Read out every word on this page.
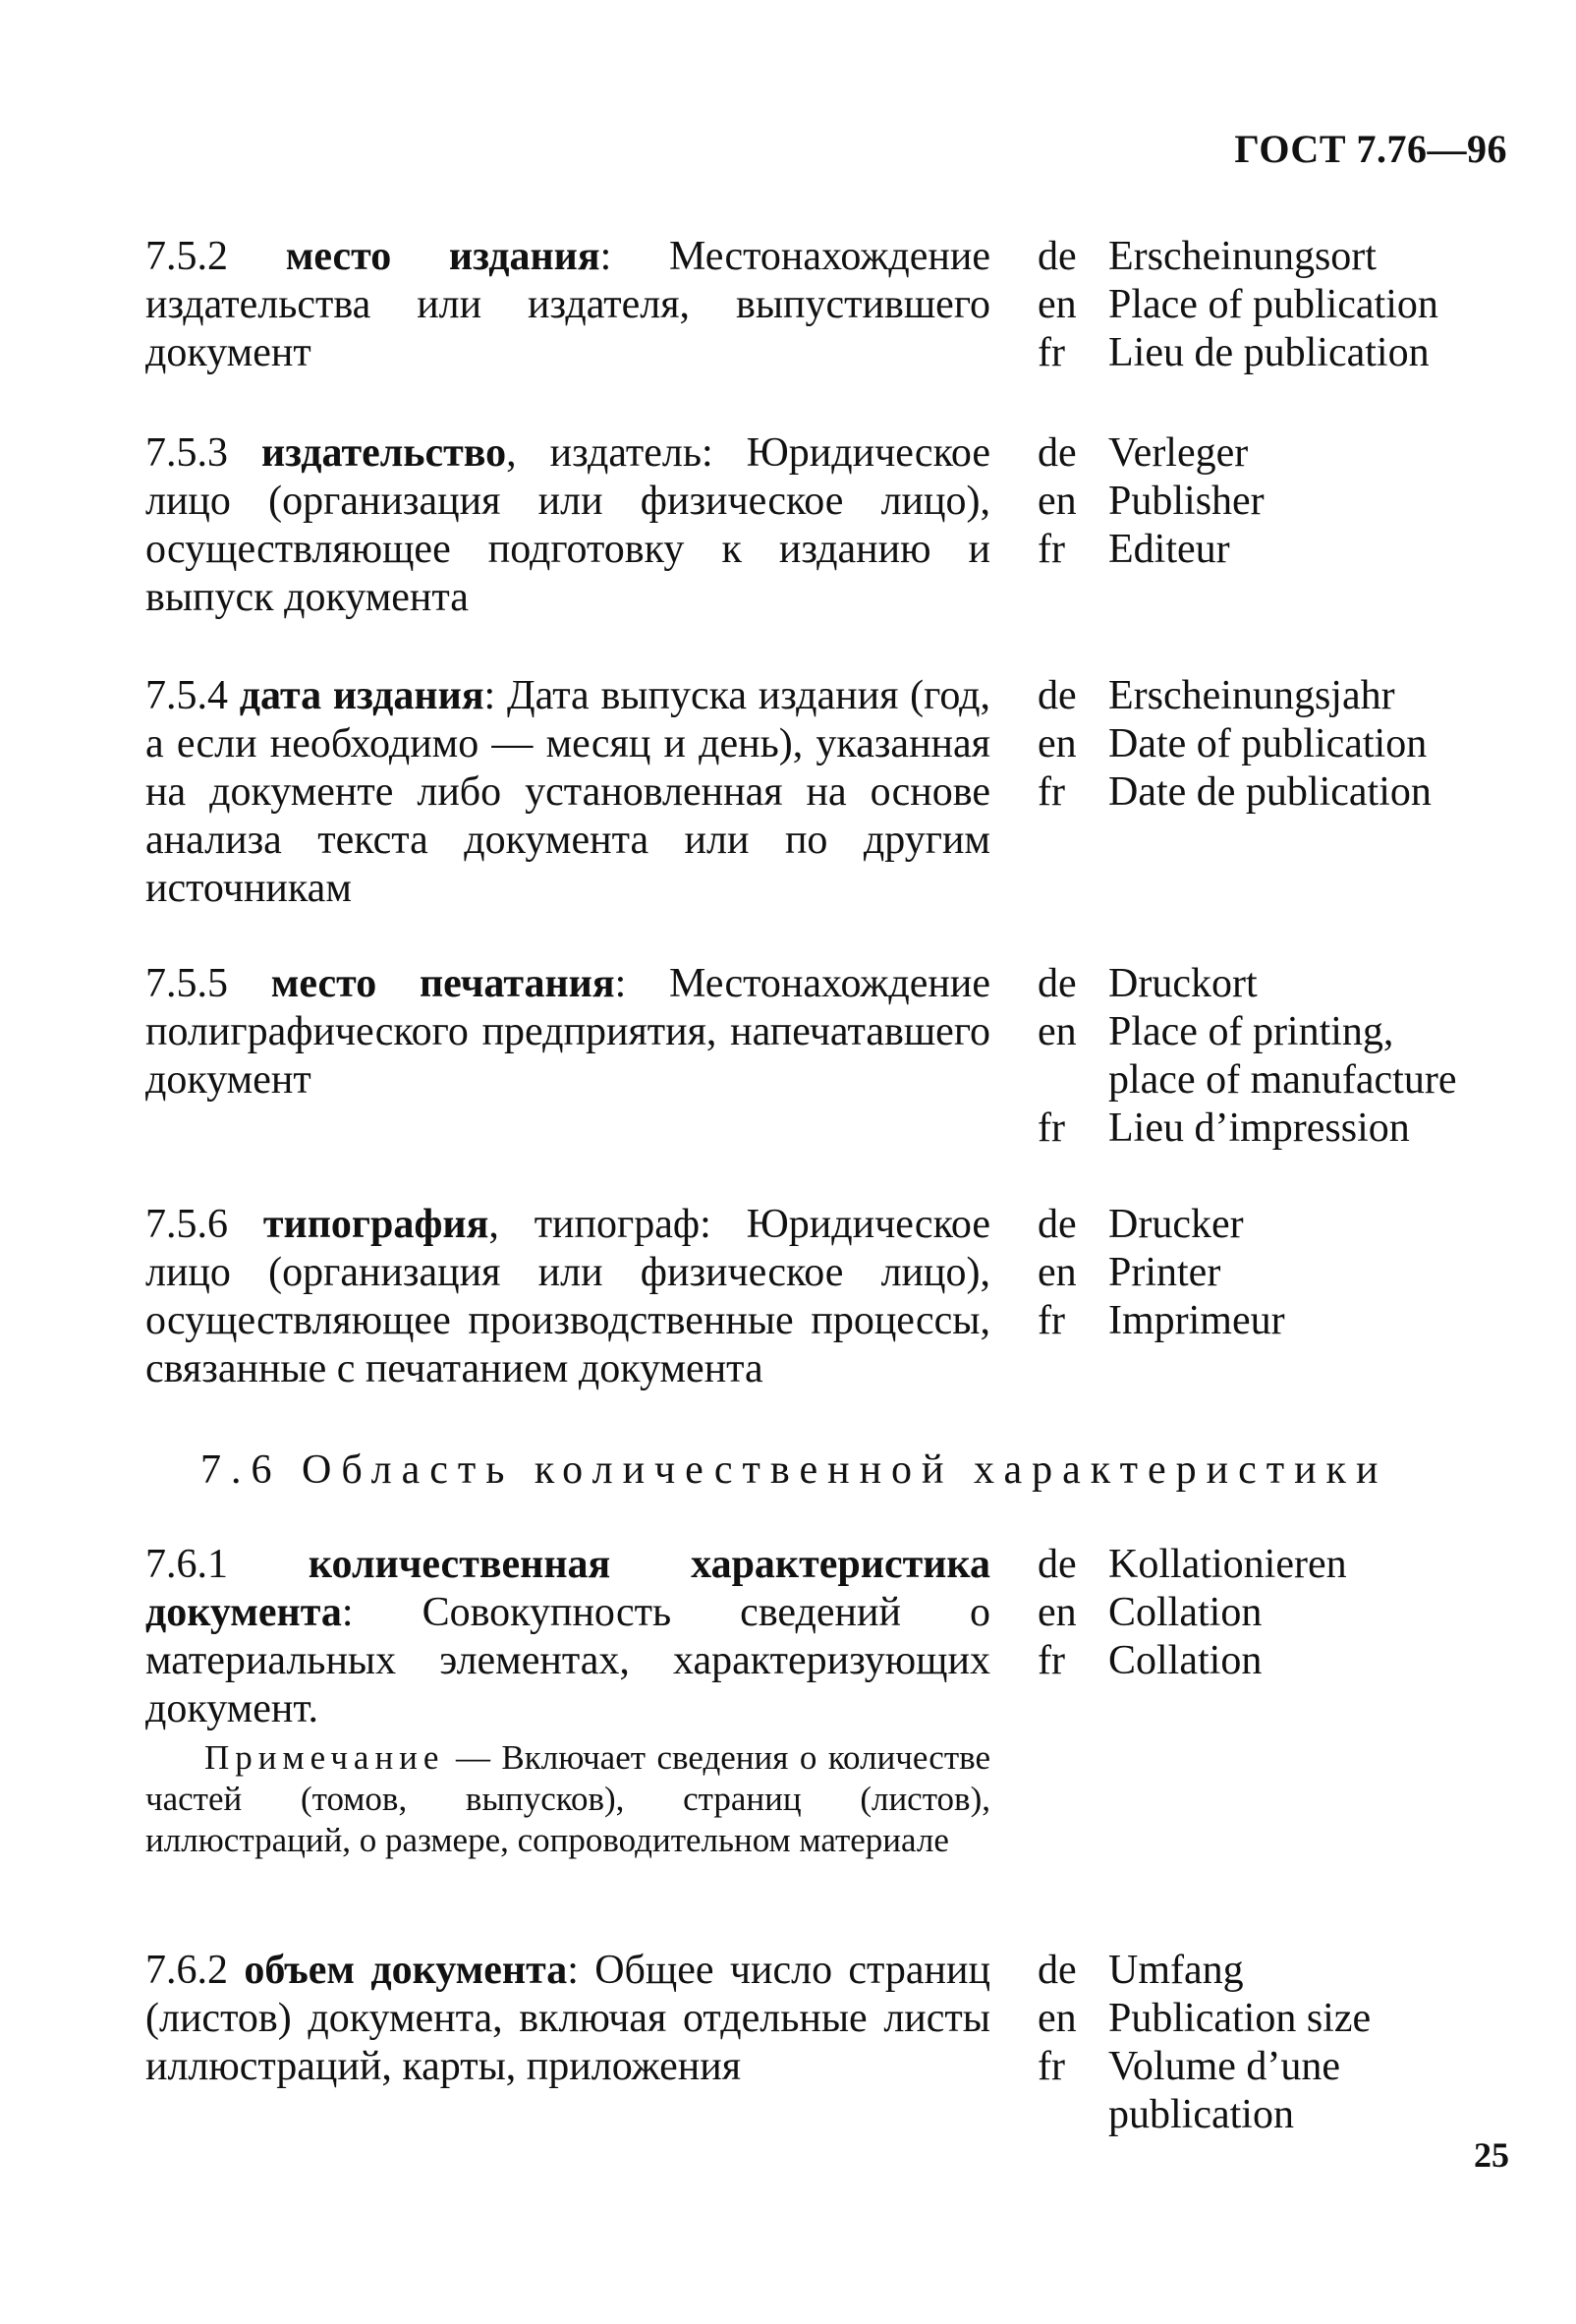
ГОСТ 7.76—96
7.5.2 место издания: Местонахождение издательства или издателя, выпустившего документ
de Erscheinungsort
en Place of publication
fr	Lieu de publication
7.5.3 издательство, издатель: Юридическое лицо (организация или физическое лицо), осуществляющее подготовку к изданию и выпуск документа
de Verleger
en Publisher
fr	Editeur
7.5.4 дата издания: Дата выпуска издания (год, а если необходимо — месяц и день), указанная на документе либо установленная на основе анализа текста документа или по другим источникам
de Erscheinungsjahr
en Date of publication
fr	Date de publication
7.5.5 место печатания: Местонахождение полиграфического предприятия, напечатавшего документ
de Druckort
en Place of printing,
place of manufacture
fr	Lieu d’impression
7.5.6 типография, типограф: Юридическое лицо (организация или физическое лицо), осуществляющее производственные процессы, связанные с печатанием документа
de Drucker
en Printer
fr	Imprimeur
7.6 Область количественной характеристики
7.6.1 количественная характеристика документа: Совокупность сведений о материальных элементах, характеризующих документ.
Примечание — Включает сведения о количестве частей (томов, выпусков), страниц (листов), иллюстраций, о размере, сопроводительном материале
de Kollationieren
en Collation
fr	Collation
7.6.2 объем документа: Общее число страниц (листов) документа, включая отдельные листы иллюстраций, карты, приложения
de Umfang
en Publication size
fr	Volume d’une publication
25
